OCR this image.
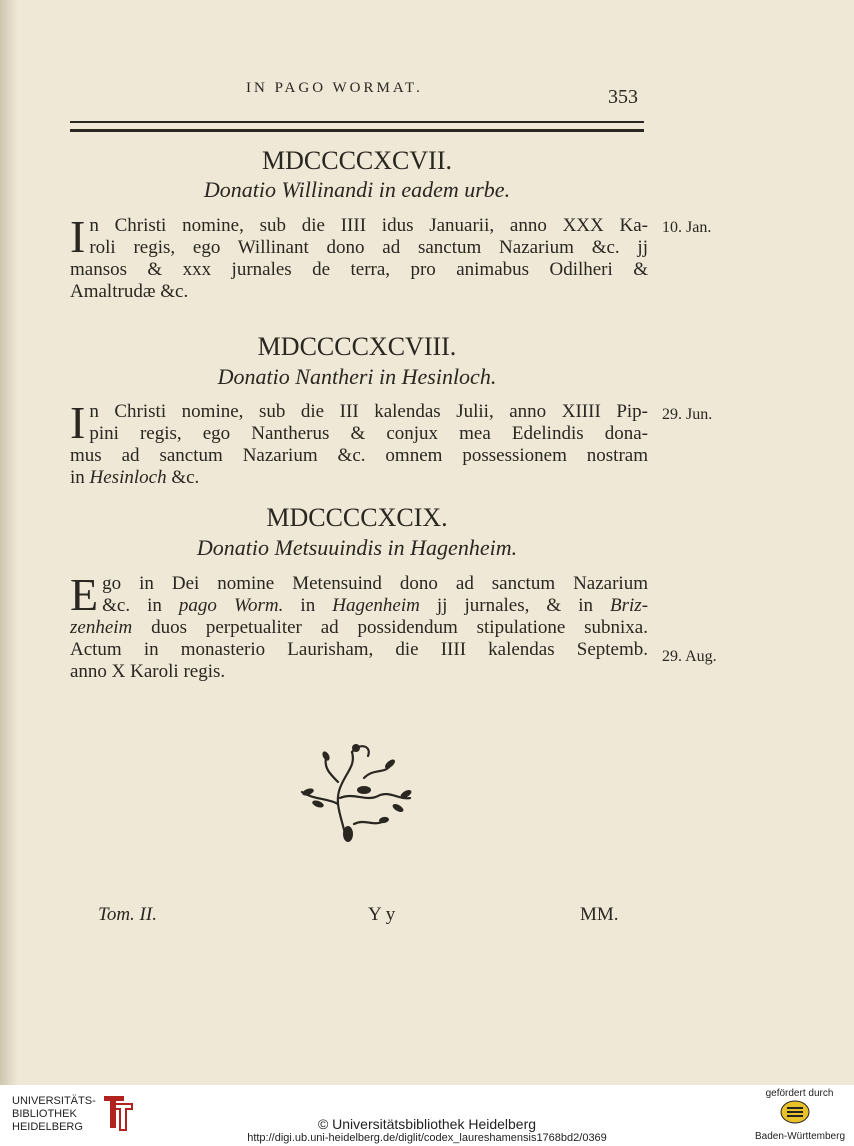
IN PAGO WORMAT.	353
MDCCCCXCVII.
Donatio Willinandi in eadem urbe.
I n Christi nomine, sub die IIII idus Januarii, anno XXX Ka-
roli regis, ego Willinant dono ad sanctum Nazarium &c. jj
mansos & xxx jurnales de terra, pro animabus Odilheri &
Amaltrudæ &c.
10. Jan.
MDCCCCXCVIII.
Donatio Nantheri in Hesinloch.
I n Christi nomine, sub die III kalendas Julii, anno XIIII Pip-
pini regis, ego Nantherus & conjux mea Edelindis dona-
mus ad sanctum Nazarium &c. omnem possessionem nostram
in Hesinloch &c.
29. Jun.
MDCCCCXCIX.
Donatio Metsuuindis in Hagenheim.
E go in Dei nomine Metensuind dono ad sanctum Nazarium
&c. in pago Worm. in Hagenheim jj jurnales, & in Briz-
zenheim duos perpetualiter ad possidendum stipulatione subnixa.
Actum in monasterio Laurisham, die IIII kalendas Septemb.
anno X Karoli regis.
29. Aug.
Tom. II.	Y y	MM.
UNIVERSITÄTS-
BIBLIOTHEK
HEIDELBERG	© Universitätsbibliothek Heidelberg
http://digi.ub.uni-heidelberg.de/diglit/codex_laureshamensis1768bd2/0369
gefördert durch
Baden-Württemberg
